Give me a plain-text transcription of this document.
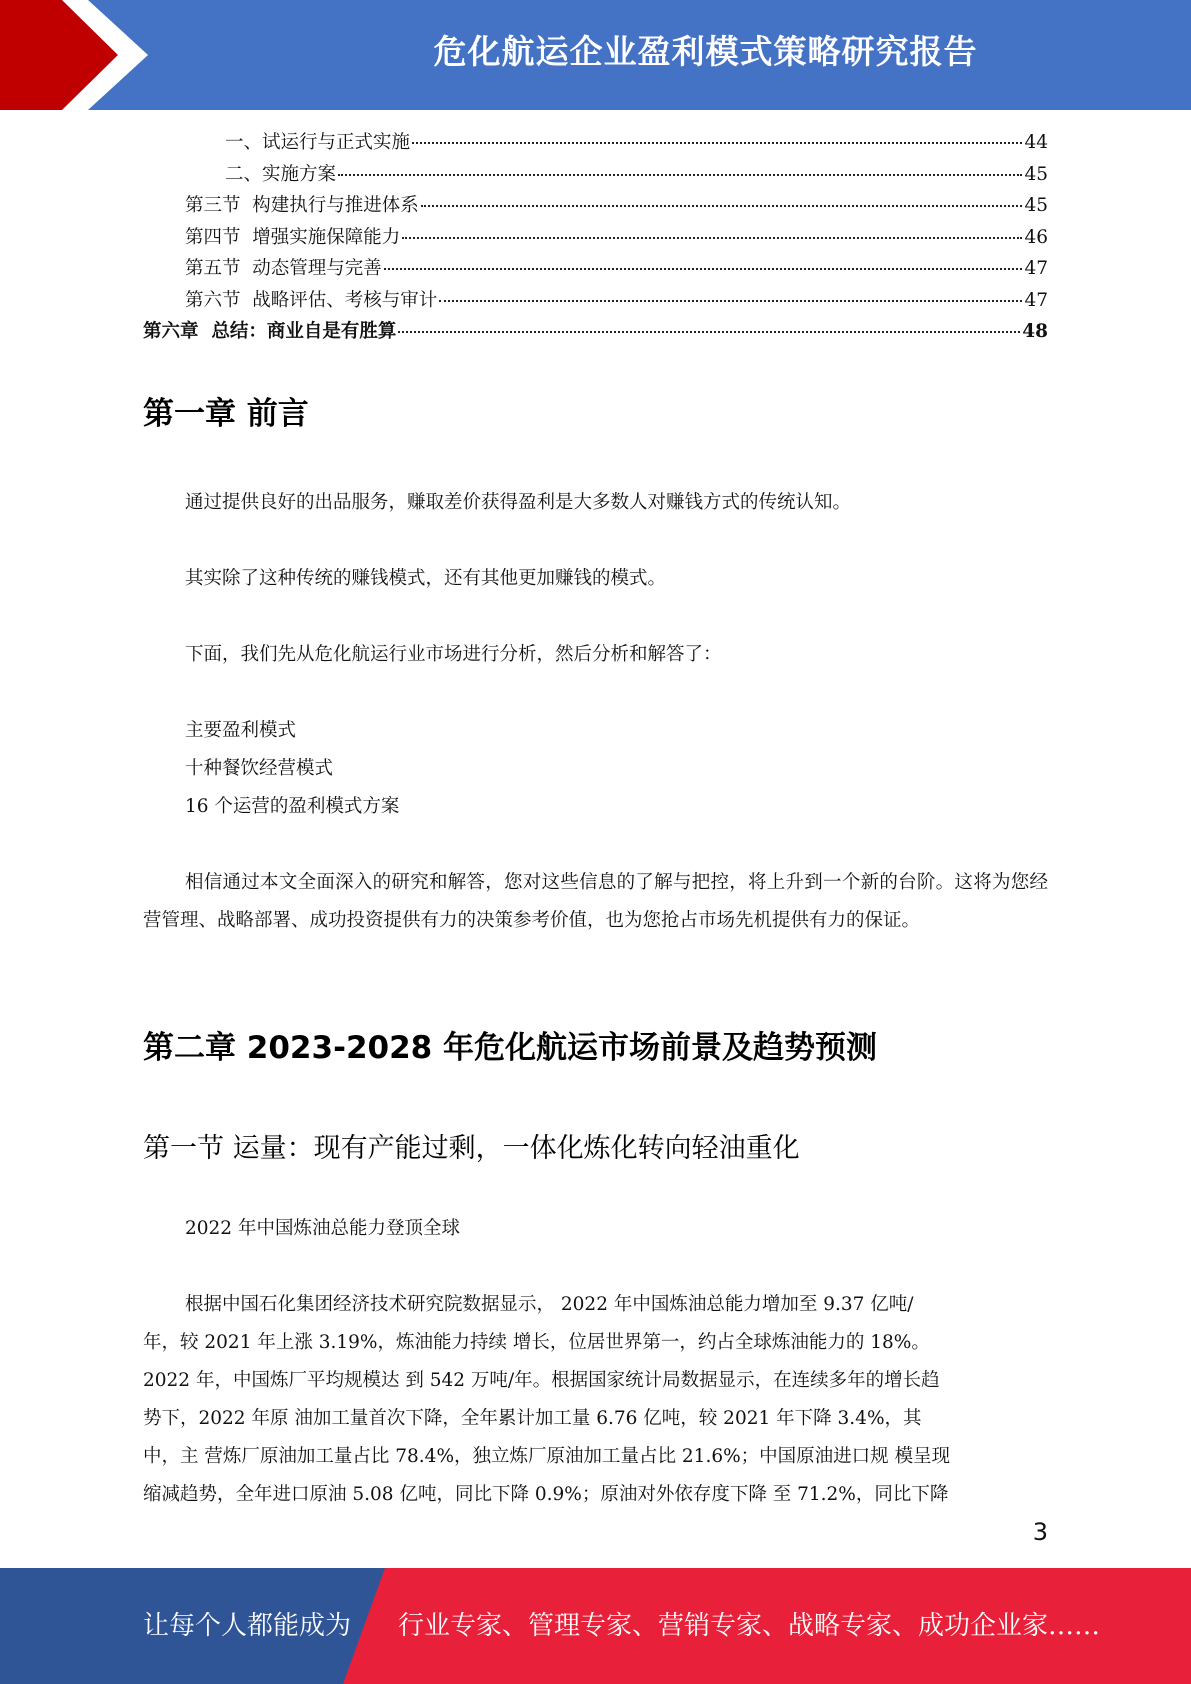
危化航运企业盈利模式策略研究报告
一、试运行与正式实施	44
二、实施方案	45
第三节  构建执行与推进体系	45
第四节  增强实施保障能力	46
第五节  动态管理与完善	47
第六节  战略评估、考核与审计	47
第六章  总结：商业自是有胜算	48
第一章 前言
通过提供良好的出品服务，赚取差价获得盈利是大多数人对赚钱方式的传统认知。
其实除了这种传统的赚钱模式，还有其他更加赚钱的模式。
下面，我们先从危化航运行业市场进行分析，然后分析和解答了：
主要盈利模式
十种餐饮经营模式
16 个运营的盈利模式方案
相信通过本文全面深入的研究和解答，您对这些信息的了解与把控，将上升到一个新的台阶。这将为您经营管理、战略部署、成功投资提供有力的决策参考价值，也为您抢占市场先机提供有力的保证。
第二章 2023-2028 年危化航运市场前景及趋势预测
第一节 运量：现有产能过剩，一体化炼化转向轻油重化
2022 年中国炼油总能力登顶全球
根据中国石化集团经济技术研究院数据显示， 2022 年中国炼油总能力增加至 9.37 亿吨/
年，较 2021 年上涨 3.19%，炼油能力持续 增长，位居世界第一，约占全球炼油能力的 18%。
2022 年，中国炼厂平均规模达 到 542 万吨/年。根据国家统计局数据显示，在连续多年的增长趋
势下，2022 年原 油加工量首次下降，全年累计加工量 6.76 亿吨，较 2021 年下降 3.4%，其
中，主 营炼厂原油加工量占比 78.4%，独立炼厂原油加工量占比 21.6%；中国原油进口规 模呈现
缩减趋势，全年进口原油 5.08 亿吨，同比下降 0.9%；原油对外依存度下降 至 71.2%，同比下降
3
让每个人都能成为 行业专家、管理专家、营销专家、战略专家、成功企业家……
